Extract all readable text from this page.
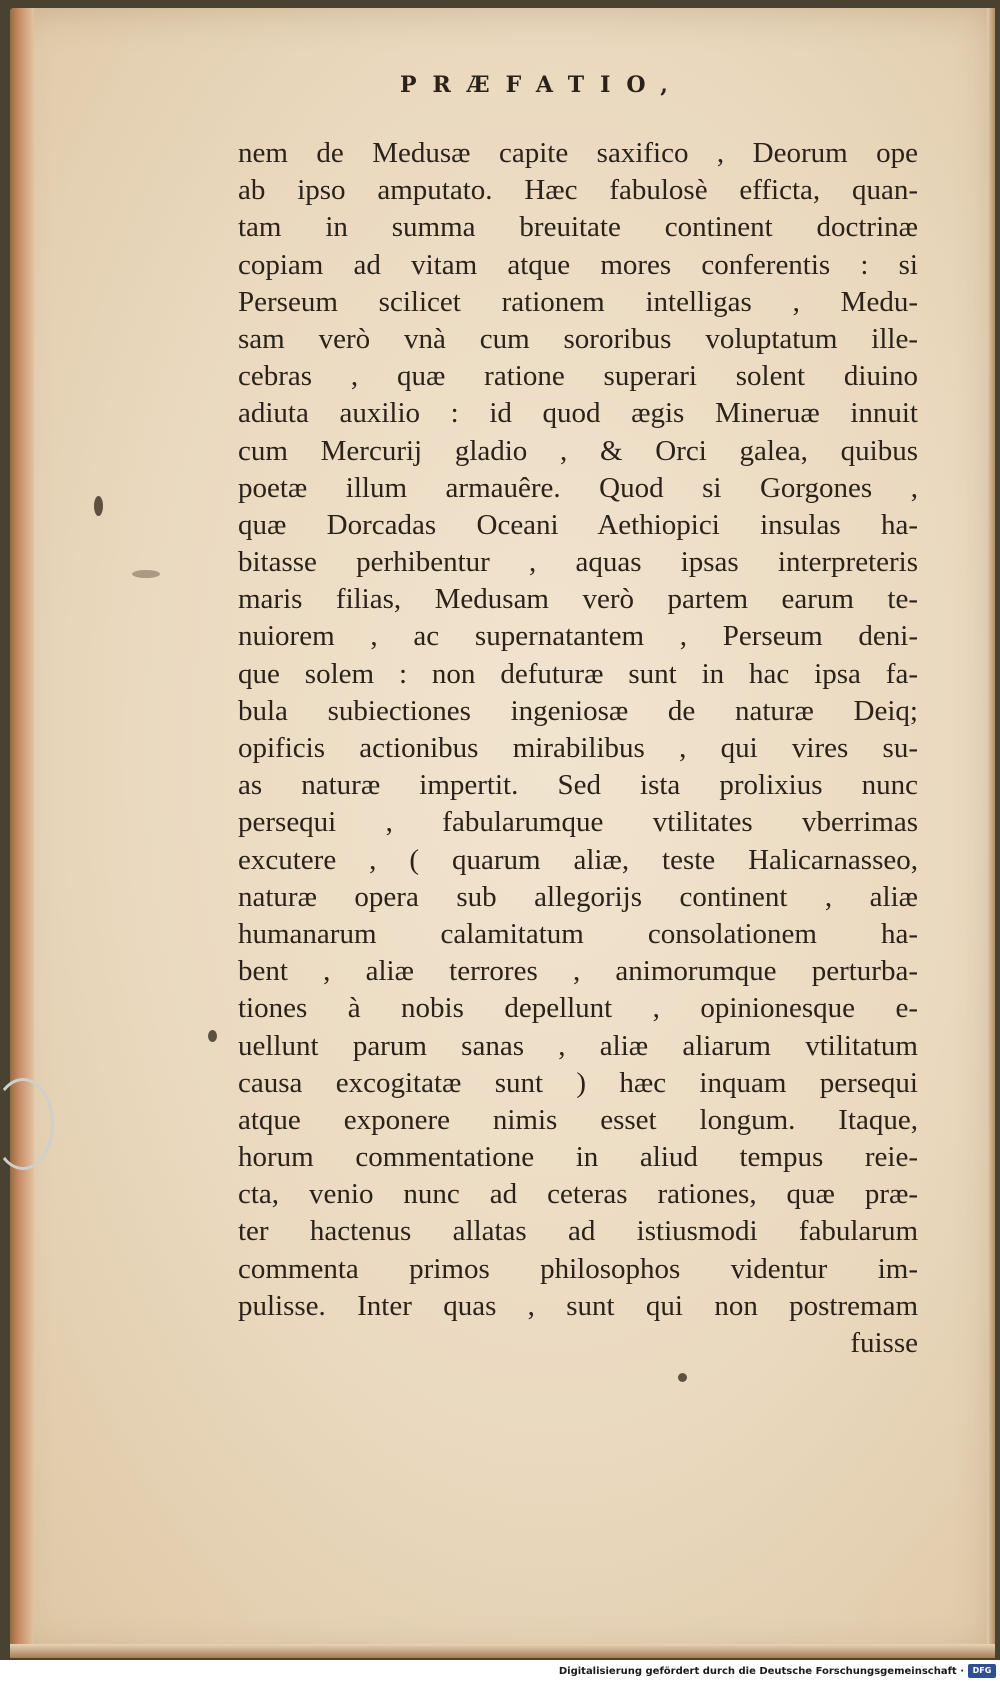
PRÆFATIO,
nem de Medusæ capite saxifico , Deorum ope
ab ipso amputato. Hæc fabulosè efficta, quan-
tam in summa breuitate continent doctrinæ
copiam ad vitam atque mores conferentis : si
Perseum scilicet rationem intelligas , Medu-
sam verò vnà cum sororibus voluptatum ille-
cebras , quæ ratione superari solent diuino
adiuta auxilio : id quod ægis Mineruæ innuit
cum Mercurij gladio , & Orci galea, quibus
poetæ illum armauêre. Quod si Gorgones ,
quæ Dorcadas Oceani Aethiopici insulas ha-
bitasse perhibentur , aquas ipsas interpreteris
maris filias, Medusam verò partem earum te-
nuiorem , ac supernatantem , Perseum deni-
que solem : non defuturæ sunt in hac ipsa fa-
bula subiectiones ingeniosæ de naturæ Deiq;
opificis actionibus mirabilibus , qui vires su-
as naturæ impertit. Sed ista prolixius nunc
persequi , fabularumque vtilitates vberrimas
excutere , ( quarum aliæ, teste Halicarnasseo,
naturæ opera sub allegorijs continent , aliæ
humanarum calamitatum consolationem ha-
bent , aliæ terrores , animorumque perturba-
tiones à nobis depellunt , opinionesque e-
uellunt parum sanas , aliæ aliarum vtilitatum
causa excogitatæ sunt ) hæc inquam persequi
atque exponere nimis esset longum. Itaque,
horum commentatione in aliud tempus reie-
cta, venio nunc ad ceteras rationes, quæ præ-
ter hactenus allatas ad istiusmodi fabularum
commenta primos philosophos videntur im-
pulisse. Inter quas , sunt qui non postremam
fuisse
Digitalisierung gefördert durch die Deutsche Forschungsgemeinschaft ·	DFG
